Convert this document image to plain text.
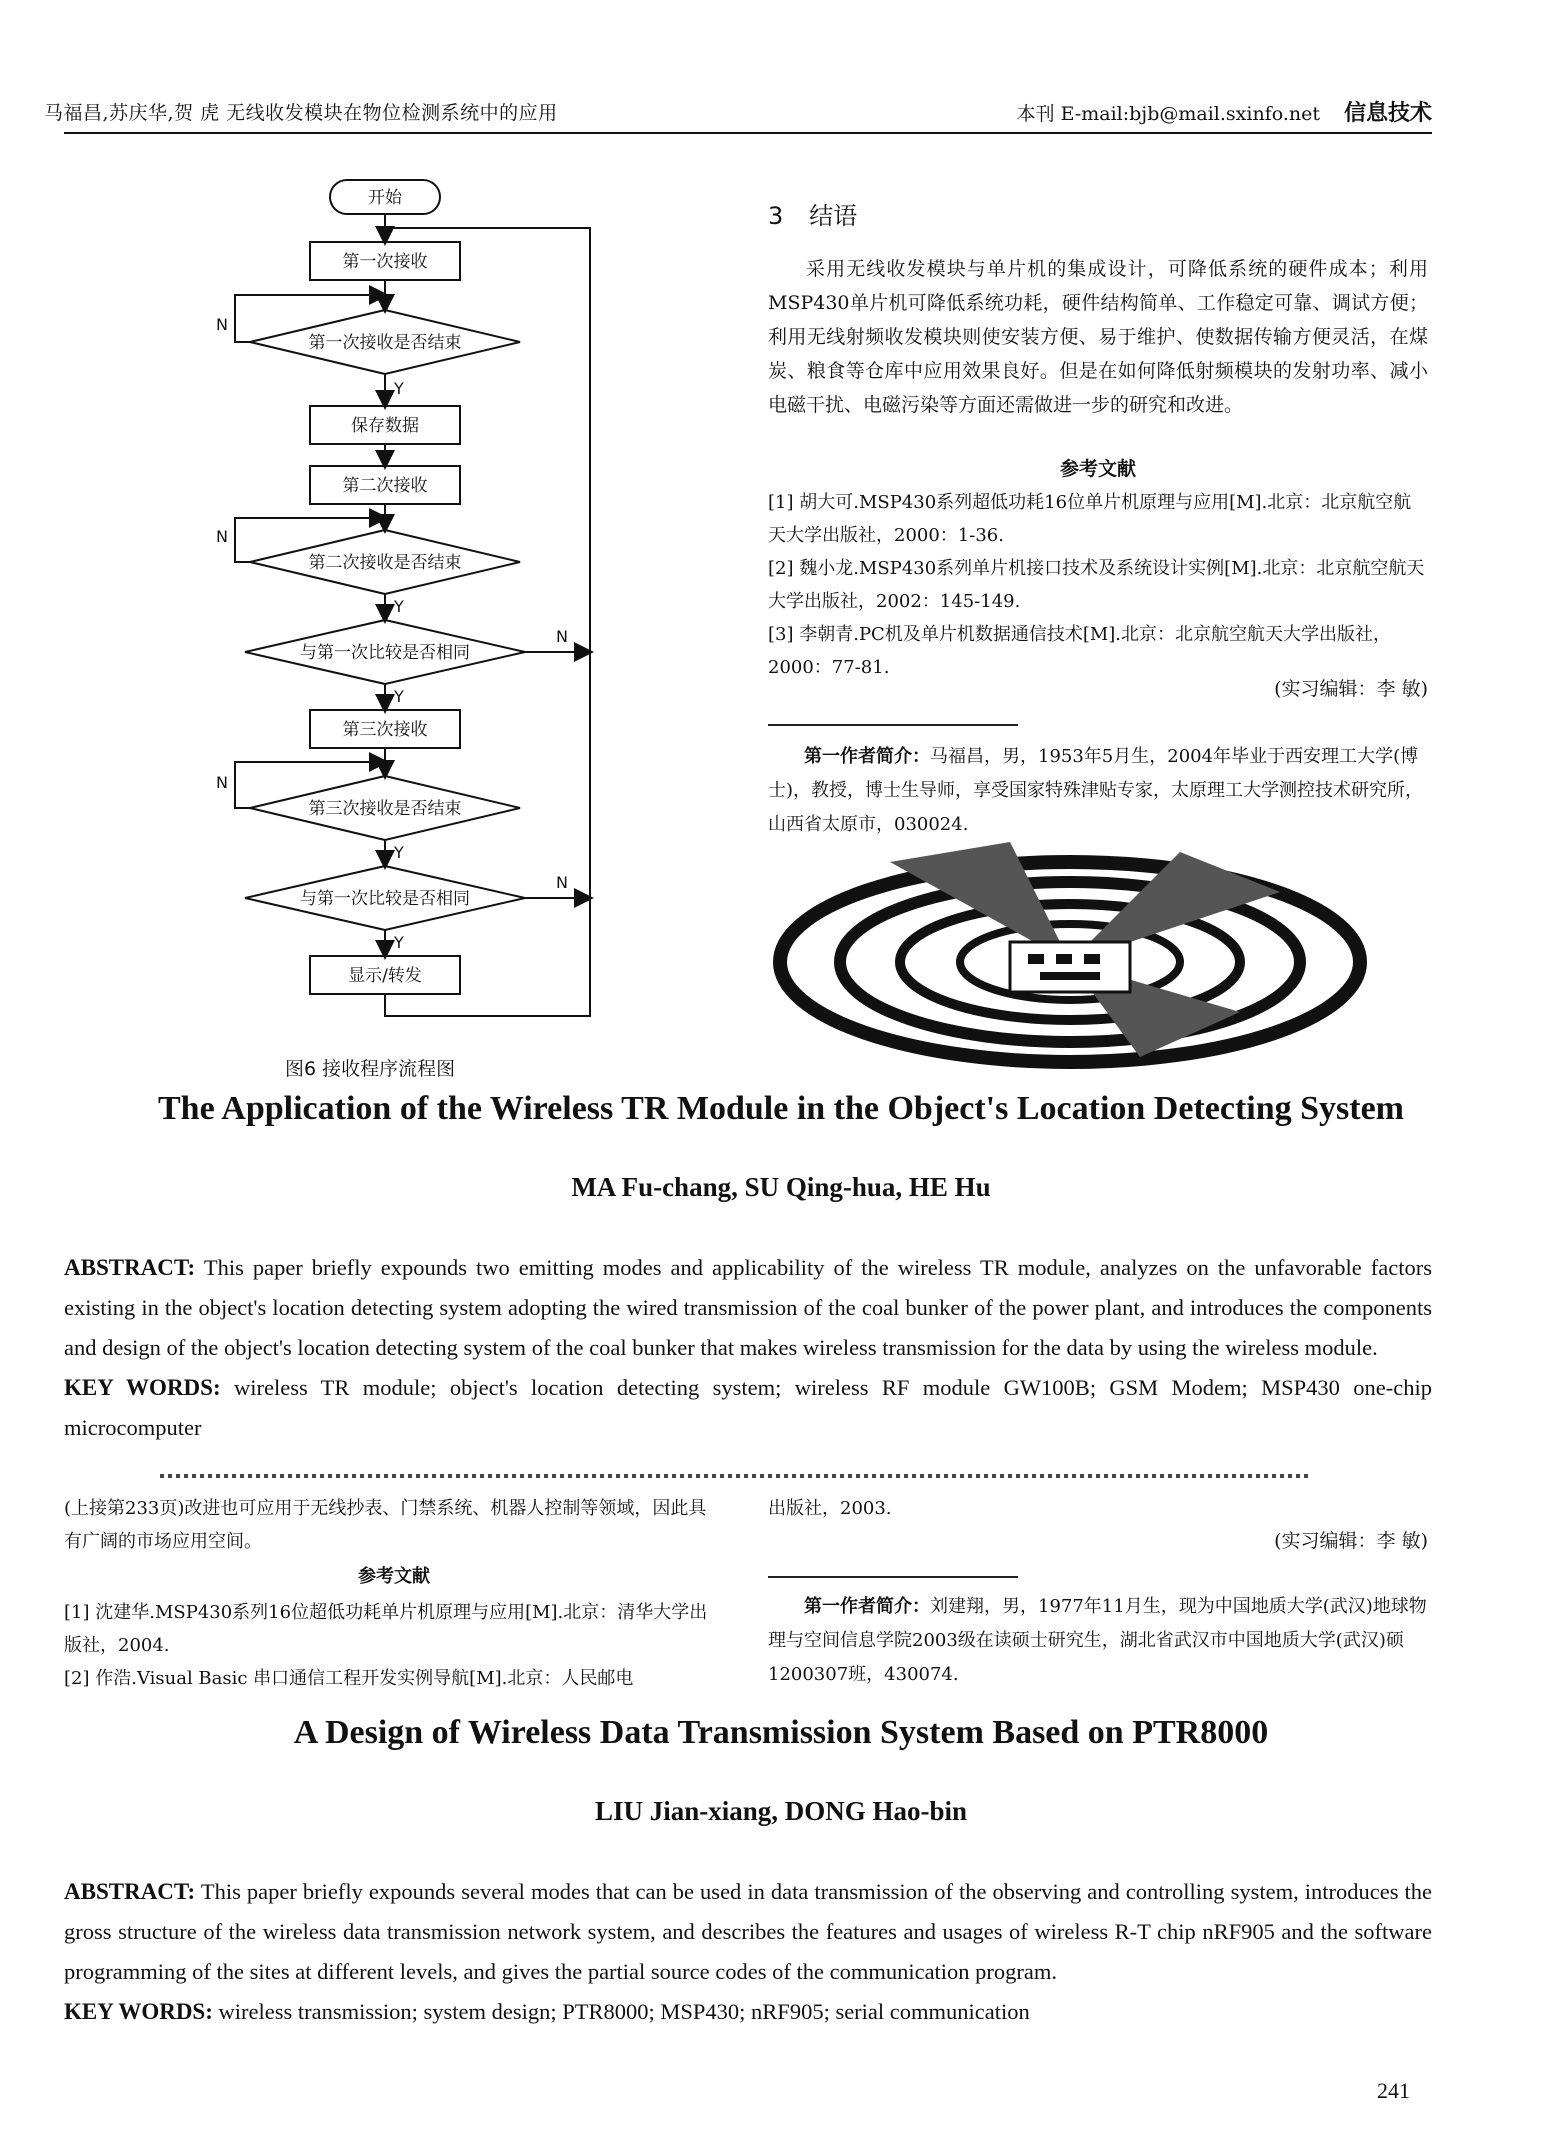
马福昌,苏庆华,贺 虎 无线收发模块在物位检测系统中的应用	本刊 E-mail:bjb@mail.sxinfo.net 信息技术
开始
第一次接收
第一次接收是否结束
保存数据
第二次接收
第二次接收是否结束
与第一次比较是否相同
第三次接收
第三次接收是否结束
与第一次比较是否相同
显示/转发
N
Y
N
Y
N
Y
N
Y
N
Y
图6 接收程序流程图
3 结语
采用无线收发模块与单片机的集成设计，可降低系统的硬件成本；利用MSP430单片机可降低系统功耗，硬件结构简单、工作稳定可靠、调试方便；利用无线射频收发模块则使安装方便、易于维护、使数据传输方便灵活，在煤炭、粮食等仓库中应用效果良好。但是在如何降低射频模块的发射功率、减小电磁干扰、电磁污染等方面还需做进一步的研究和改进。
参考文献
[1] 胡大可.MSP430系列超低功耗16位单片机原理与应用[M].北京：北京航空航天大学出版社，2000：1-36.
[2] 魏小龙.MSP430系列单片机接口技术及系统设计实例[M].北京：北京航空航天大学出版社，2002：145-149.
[3] 李朝青.PC机及单片机数据通信技术[M].北京：北京航空航天大学出版社，2000：77-81.
(实习编辑：李 敏)
第一作者简介：马福昌，男，1953年5月生，2004年毕业于西安理工大学(博士)，教授，博士生导师，享受国家特殊津贴专家，太原理工大学测控技术研究所，山西省太原市，030024.
The Application of the Wireless TR Module in the Object's Location Detecting System
MA Fu-chang, SU Qing-hua, HE Hu
ABSTRACT: This paper briefly expounds two emitting modes and applicability of the wireless TR module, analyzes on the unfavorable factors existing in the object's location detecting system adopting the wired transmission of the coal bunker of the power plant, and introduces the components and design of the object's location detecting system of the coal bunker that makes wireless transmission for the data by using the wireless module.
KEY WORDS: wireless TR module; object's location detecting system; wireless RF module GW100B; GSM Modem; MSP430 one-chip microcomputer
(上接第233页)改进也可应用于无线抄表、门禁系统、机器人控制等领域，因此具有广阔的市场应用空间。
参考文献
[1] 沈建华.MSP430系列16位超低功耗单片机原理与应用[M].北京：清华大学出版社，2004.
[2] 作浩.Visual Basic 串口通信工程开发实例导航[M].北京：人民邮电
出版社，2003.
(实习编辑：李 敏)
第一作者简介：刘建翔，男，1977年11月生，现为中国地质大学(武汉)地球物理与空间信息学院2003级在读硕士研究生，湖北省武汉市中国地质大学(武汉)硕1200307班，430074.
A Design of Wireless Data Transmission System Based on PTR8000
LIU Jian-xiang, DONG Hao-bin
ABSTRACT: This paper briefly expounds several modes that can be used in data transmission of the observing and controlling system, introduces the gross structure of the wireless data transmission network system, and describes the features and usages of wireless R-T chip nRF905 and the software programming of the sites at different levels, and gives the partial source codes of the communication program.
KEY WORDS: wireless transmission; system design; PTR8000; MSP430; nRF905; serial communication
241
